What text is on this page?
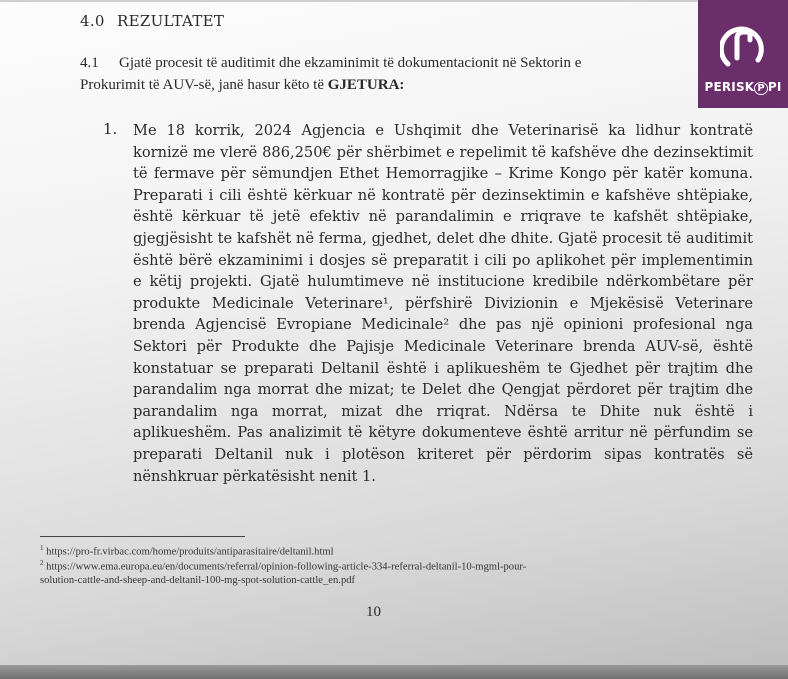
4.0 REZULTATET
4.1 Gjatë procesit të auditimit dhe ekzaminimit të dokumentacionit në Sektorin e
Prokurimit të AUV-së, janë hasur këto të GJETURA:
1. Me 18 korrik, 2024 Agjencia e Ushqimit dhe Veterinarisë ka lidhur kontratë
kornizë me vlerë 886,250€ për shërbimet e repelimit të kafshëve dhe dezinsektimit
të fermave për sëmundjen Ethet Hemorragjike – Krime Kongo për katër komuna.
Preparati i cili është kërkuar në kontratë për dezinsektimin e kafshëve shtëpiake,
është kërkuar të jetë efektiv në parandalimin e rriqrave te kafshët shtëpiake,
gjegjësisht te kafshët në ferma, gjedhet, delet dhe dhite. Gjatë procesit të auditimit
është bërë ekzaminimi i dosjes së preparatit i cili po aplikohet për implementimin
e këtij projekti. Gjatë hulumtimeve në institucione kredibile ndërkombëtare për
produkte Medicinale Veterinare¹, përfshirë Divizionin e Mjekësisë Veterinare
brenda Agjencisë Evropiane Medicinale² dhe pas një opinioni profesional nga
Sektori për Produkte dhe Pajisje Medicinale Veterinare brenda AUV-së, është
konstatuar se preparati Deltanil është i aplikueshëm te Gjedhet për trajtim dhe
parandalim nga morrat dhe mizat; te Delet dhe Qengjat përdoret për trajtim dhe
parandalim nga morrat, mizat dhe rriqrat. Ndërsa te Dhite nuk është i
aplikueshëm. Pas analizimit të këtyre dokumenteve është arritur në përfundim se
preparati Deltanil nuk i plotëson kriteret për përdorim sipas kontratës së
nënshkruar përkatësisht nenit 1.
$^1$ https://pro-fr.virbac.com/home/produits/antiparasitaire/deltanil.html
$^2$ https://www.ema.europa.eu/en/documents/referral/opinion-following-article-334-referral-deltanil-10-mgml-pour-
solution-cattle-and-sheep-and-deltanil-100-mg-spot-solution-cattle_en.pdf
10
PERISK P PI
